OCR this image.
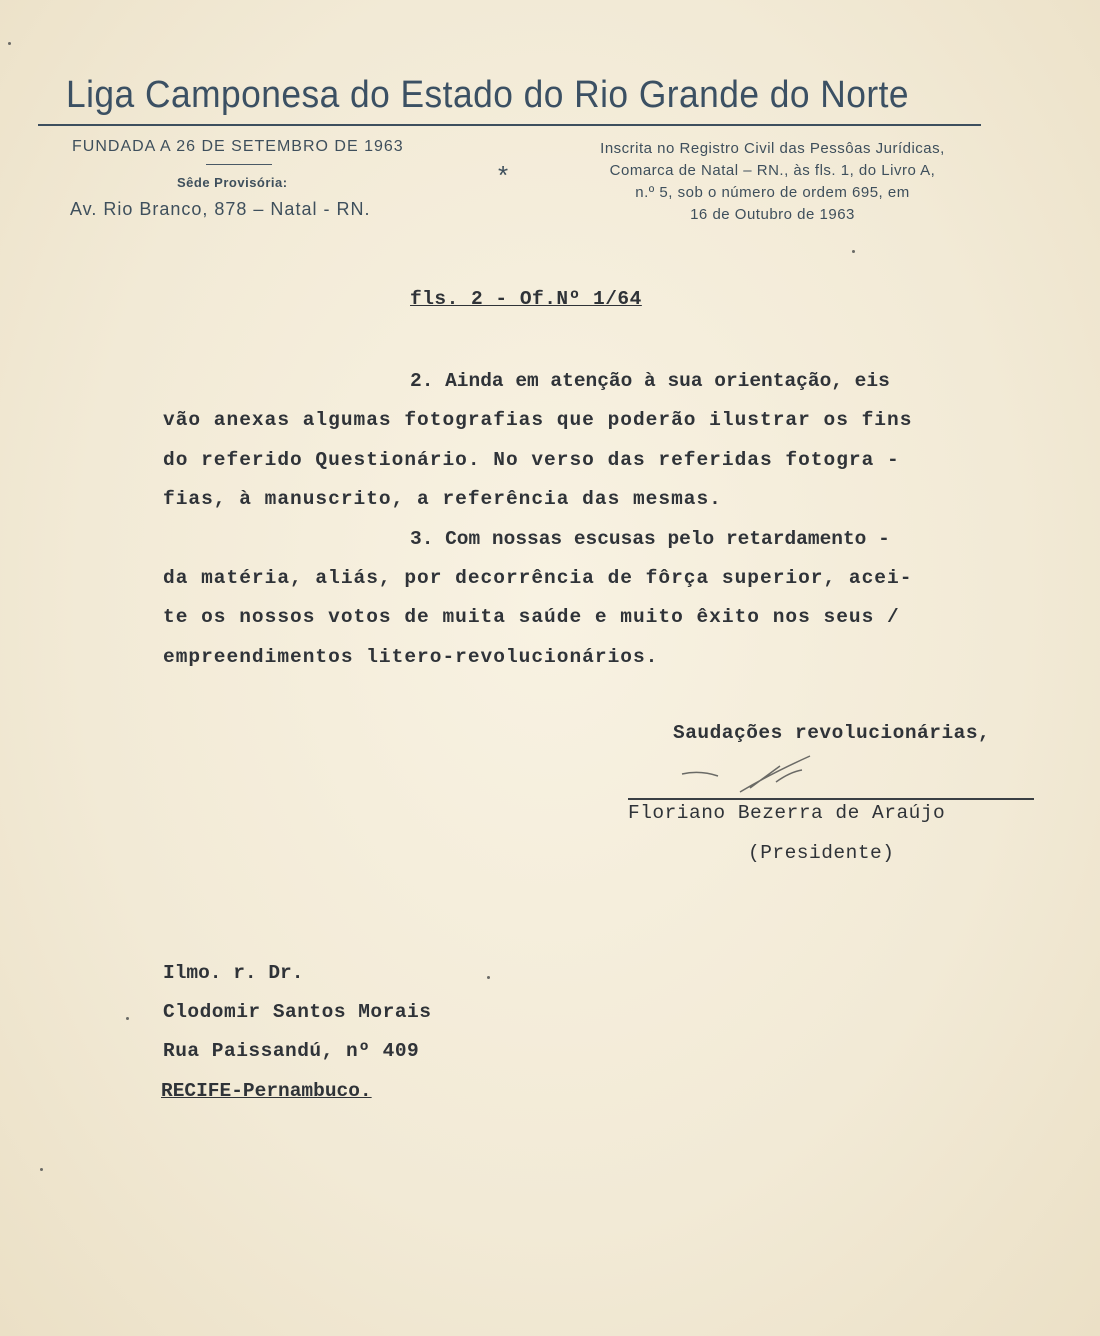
Liga Camponesa do Estado do Rio Grande do Norte
FUNDADA A 26 DE SETEMBRO DE 1963
Sêde Provisória:
Av. Rio Branco, 878 – Natal - RN.
*
Inscrita no Registro Civil das Pessôas Jurídicas,
Comarca de Natal – RN., às fls. 1, do Livro A,
n.º 5, sob o número de ordem 695, em
16 de Outubro de 1963
fls. 2 - Of.Nº 1/64
2. Ainda em atenção à sua orientação, eis
vão anexas algumas fotografias que poderão ilustrar os fins
do referido Questionário. No verso das referidas fotogra -
fias, à manuscrito, a referência das mesmas.
3. Com nossas escusas pelo retardamento -
da matéria, aliás, por decorrência de fôrça superior, acei-
te os nossos votos de muita saúde e muito êxito nos seus /
empreendimentos litero-revolucionários.
Saudações revolucionárias,
Floriano Bezerra de Araújo
(Presidente)
Ilmo. r. Dr.
Clodomir Santos Morais
Rua Paissandú, nº 409
RECIFE-Pernambuco.
